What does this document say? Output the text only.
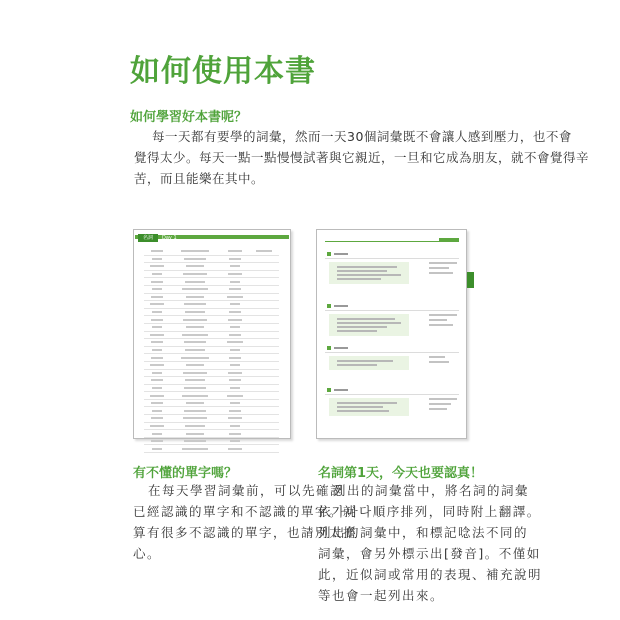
如何使用本書
如何學習好本書呢？
每一天都有要學的詞彙，然而一天30個詞彙既不會讓人感到壓力，也不會
覺得太少。每天一點一點慢慢試著與它親近，一旦和它成為朋友，就不會覺得辛
苦，而且能樂在其中。
名詞	Day 1

有不懂的單字嗎？
在每天學習詞彙前，可以先確認
已經認識的單字和不認識的單字。就
算有很多不認識的單字，也請別太擔
心。
名詞第1天，今天也要認真！
列出的詞彙當中，將名詞的詞彙
依가나다順序排列，同時附上翻譯。
列出的詞彙中，和標記唸法不同的
詞彙，會另外標示出[發音]。不僅如
此，近似詞或常用的表現、補充說明
等也會一起列出來。
